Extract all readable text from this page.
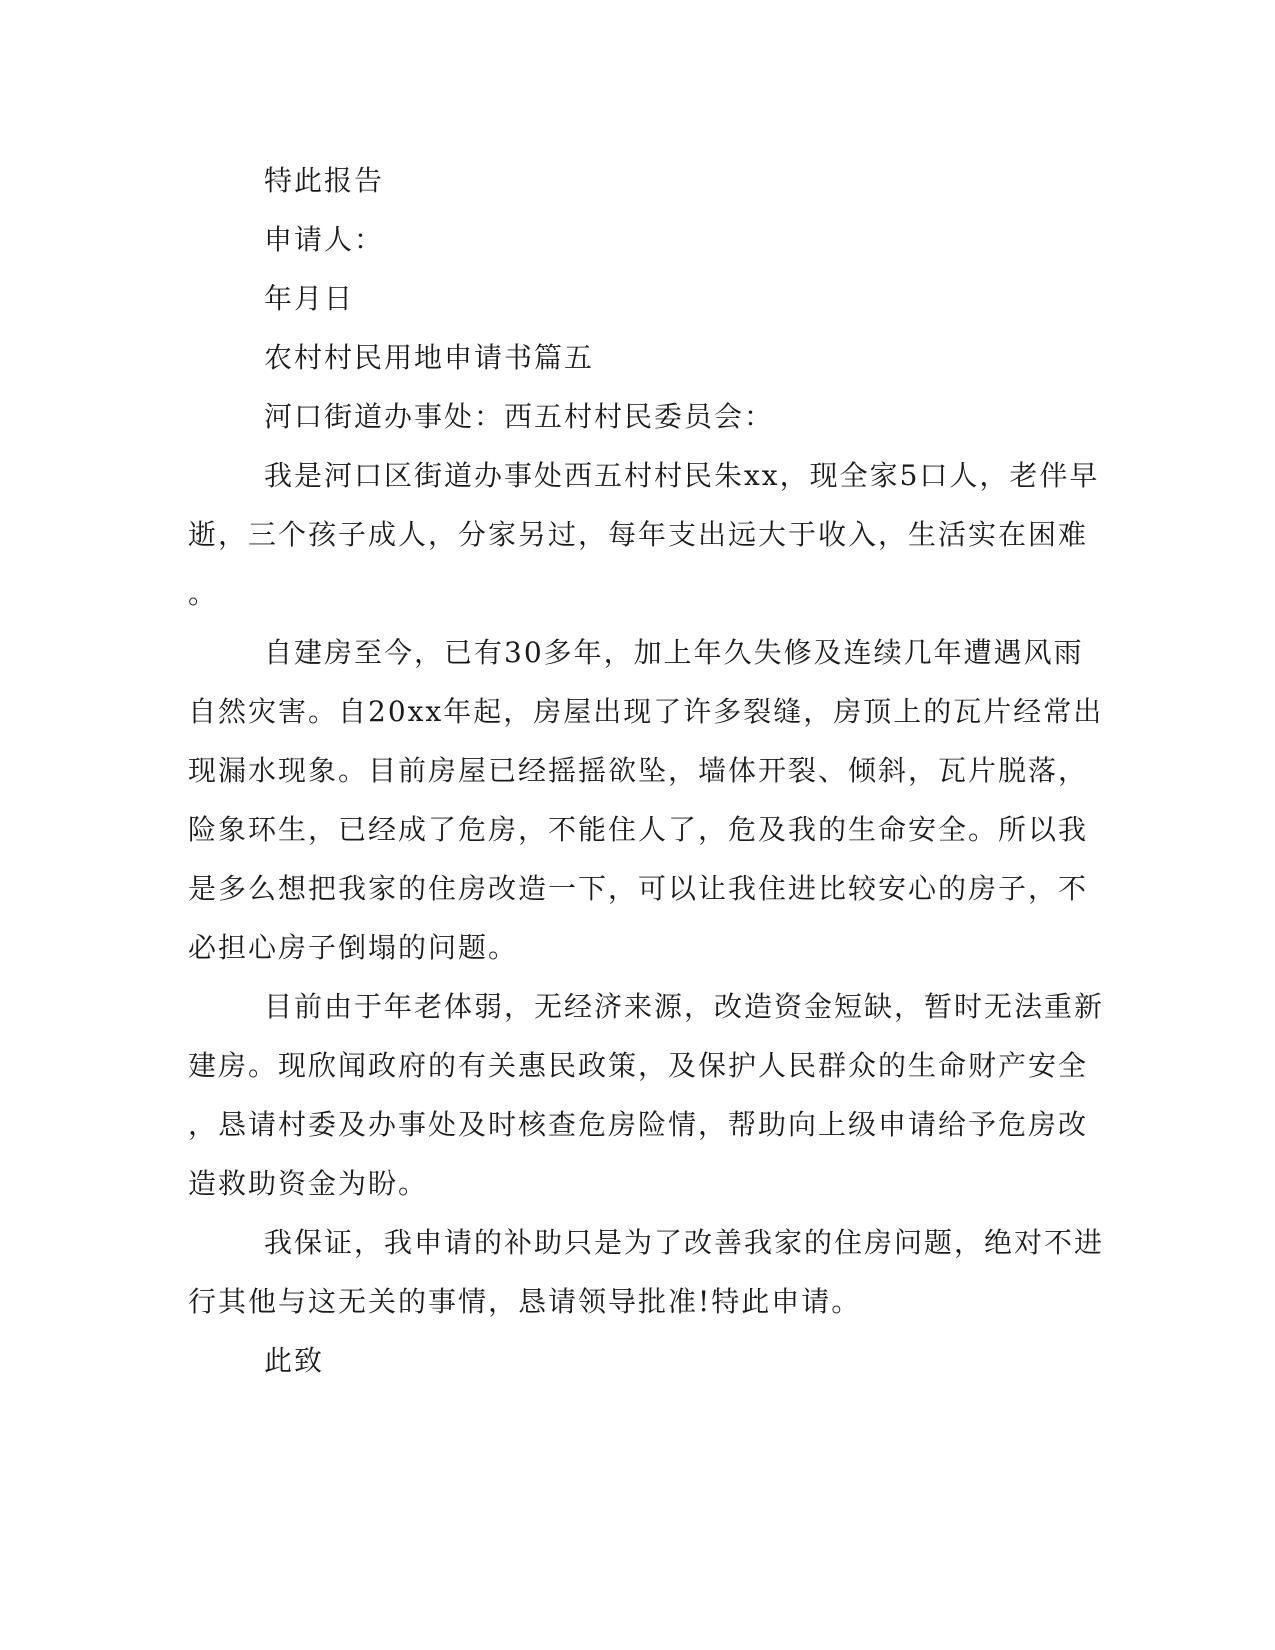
特此报告
申请人：
年月日
农村村民用地申请书篇五
河口街道办事处：西五村村民委员会：
我是河口区街道办事处西五村村民朱xx，现全家5口人，老伴早
逝，三个孩子成人，分家另过，每年支出远大于收入，生活实在困难
。
自建房至今，已有30多年，加上年久失修及连续几年遭遇风雨
自然灾害。自20xx年起，房屋出现了许多裂缝，房顶上的瓦片经常出
现漏水现象。目前房屋已经摇摇欲坠，墙体开裂、倾斜，瓦片脱落，
险象环生，已经成了危房，不能住人了，危及我的生命安全。所以我
是多么想把我家的住房改造一下，可以让我住进比较安心的房子，不
必担心房子倒塌的问题。
目前由于年老体弱，无经济来源，改造资金短缺，暂时无法重新
建房。现欣闻政府的有关惠民政策，及保护人民群众的生命财产安全
，恳请村委及办事处及时核查危房险情，帮助向上级申请给予危房改
造救助资金为盼。
我保证，我申请的补助只是为了改善我家的住房问题，绝对不进
行其他与这无关的事情，恳请领导批准!特此申请。
此致
